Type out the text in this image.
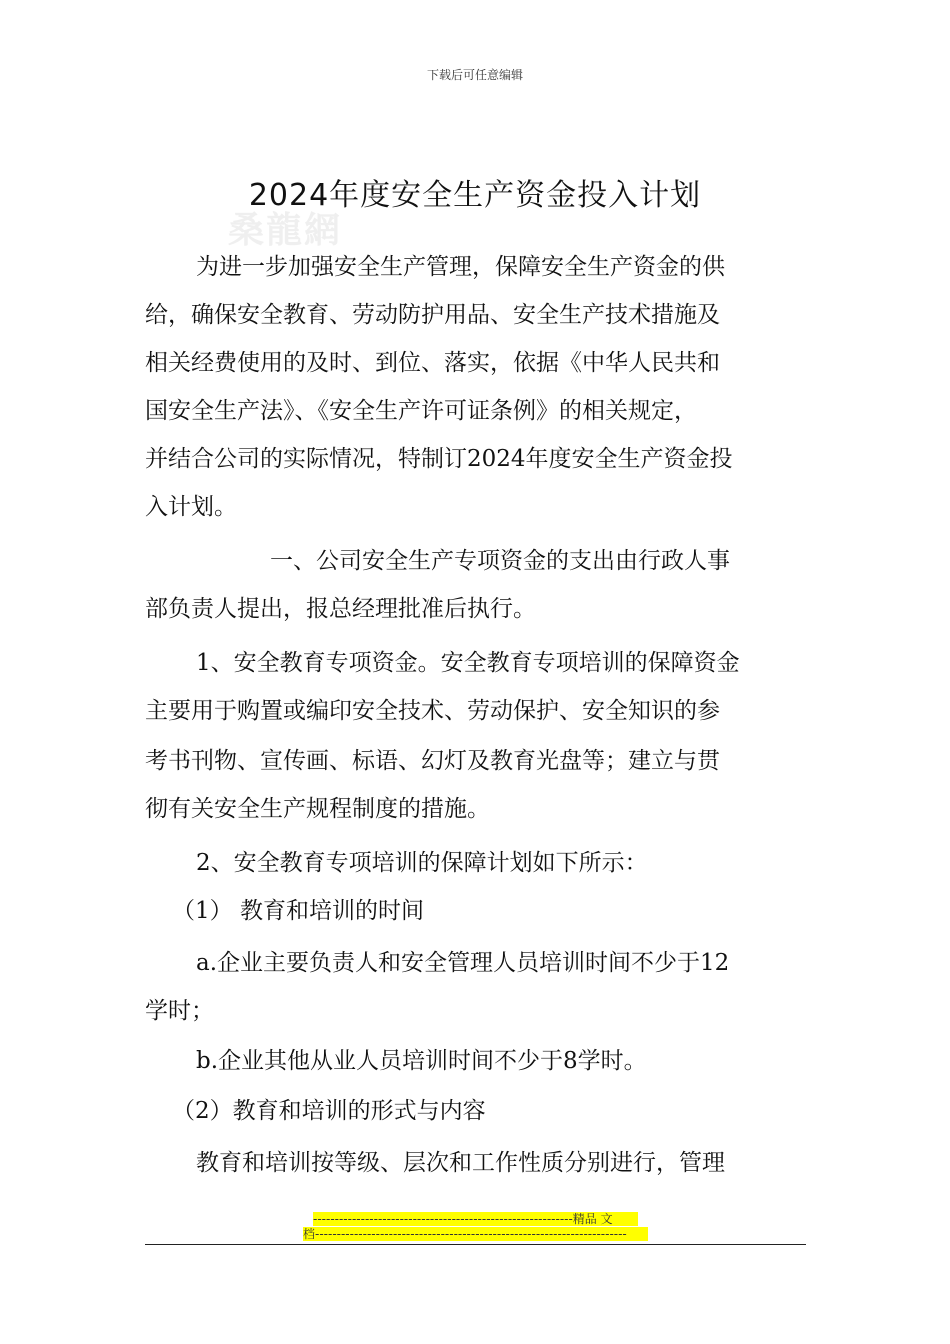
下载后可任意编辑
桑龍網
2024年度安全生产资金投入计划
为进一步加强安全生产管理，保障安全生产资金的供
给，确保安全教育、劳动防护用品、安全生产技术措施及
相关经费使用的及时、到位、落实，依据《中华人民共和
国安全生产法》、《安全生产许可证条例》的相关规定，
并结合公司的实际情况，特制订2024年度安全生产资金投
入计划。
一、公司安全生产专项资金的支出由行政人事
部负责人提出，报总经理批准后执行。
1、安全教育专项资金。安全教育专项培训的保障资金
主要用于购置或编印安全技术、劳动保护、安全知识的参
考书刊物、宣传画、标语、幻灯及教育光盘等；建立与贯
彻有关安全生产规程制度的措施。
2、安全教育专项培训的保障计划如下所示：
（1） 教育和培训的时间
a.企业主要负责人和安全管理人员培训时间不少于12
学时；
b.企业其他从业人员培训时间不少于8学时。
（2）教育和培训的形式与内容
教育和培训按等级、层次和工作性质分别进行，管理
------------------------------------------------------------精品 文
档------------------------------------------------------------------------
